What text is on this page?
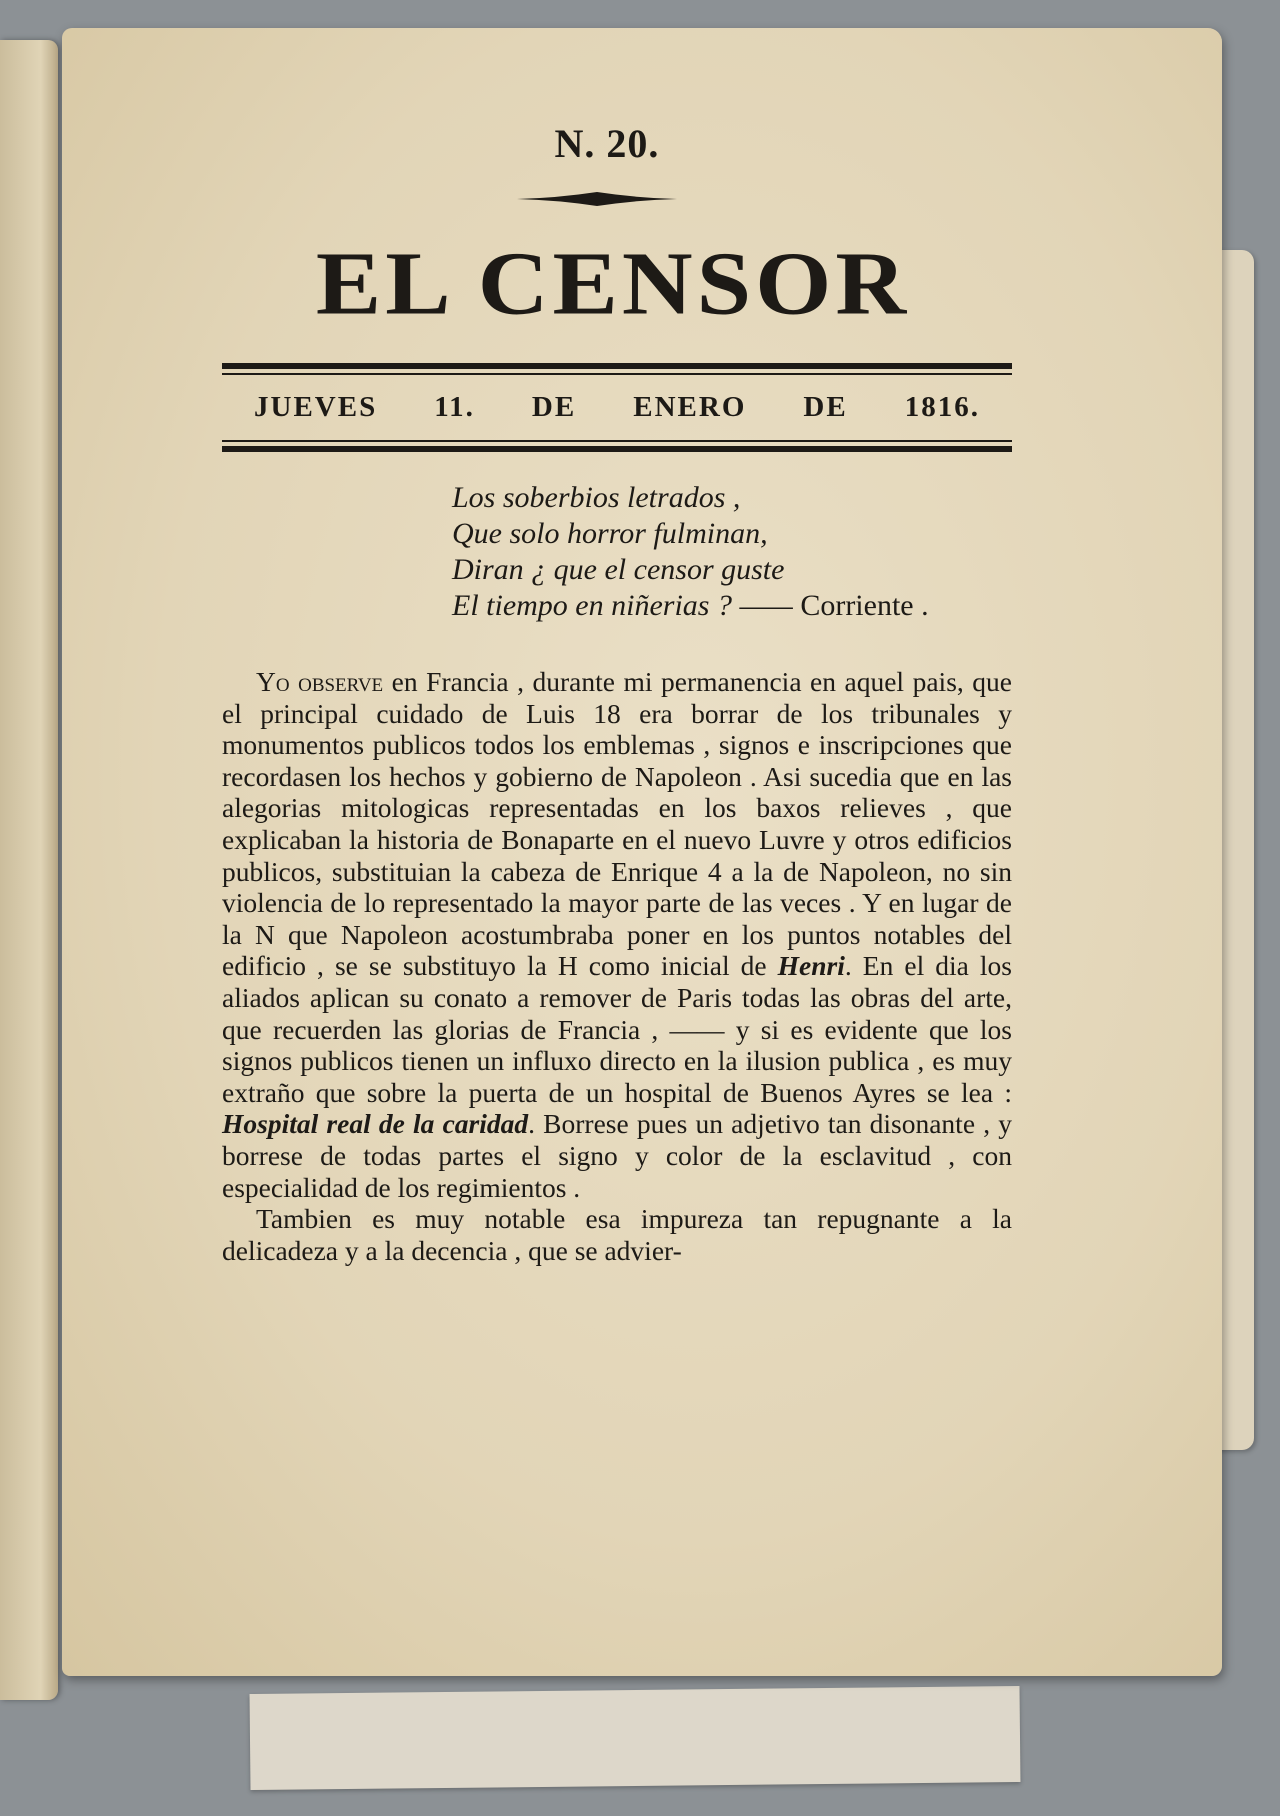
N. 20.
EL CENSOR
JUEVES 11. DE ENERO DE 1816.
Los soberbios letrados ,
Que solo horror fulminan,
Diran ¿ que el censor guste
El tiempo en niñerias ? —— Corriente .

Yo observe en Francia , durante mi permanencia en aquel pais, que el principal cuidado de Luis 18 era borrar de los tribunales y monumentos publicos todos los emblemas , signos e inscripciones que recordasen los hechos y gobierno de Napoleon . Asi sucedia que en las alegorias mitologicas representadas en los baxos relieves , que explicaban la historia de Bonaparte en el nuevo Luvre y otros edificios publicos, substituian la cabeza de Enrique 4 a la de Napoleon, no sin violencia de lo representado la mayor parte de las veces . Y en lugar de la N que Napoleon acostumbraba poner en los puntos notables del edificio , se se substituyo la H como inicial de Henri. En el dia los aliados aplican su conato a remover de Paris todas las obras del arte, que recuerden las glorias de Francia , —— y si es evidente que los signos publicos tienen un influxo directo en la ilusion publica , es muy extraño que sobre la puerta de un hospital de Buenos Ayres se lea : Hospital real de la caridad. Borrese pues un adjetivo tan disonante , y borrese de todas partes el signo y color de la esclavitud , con especialidad de los regimientos .

Tambien es muy notable esa impureza tan repugnante a la delicadeza y a la decencia , que se advier-
